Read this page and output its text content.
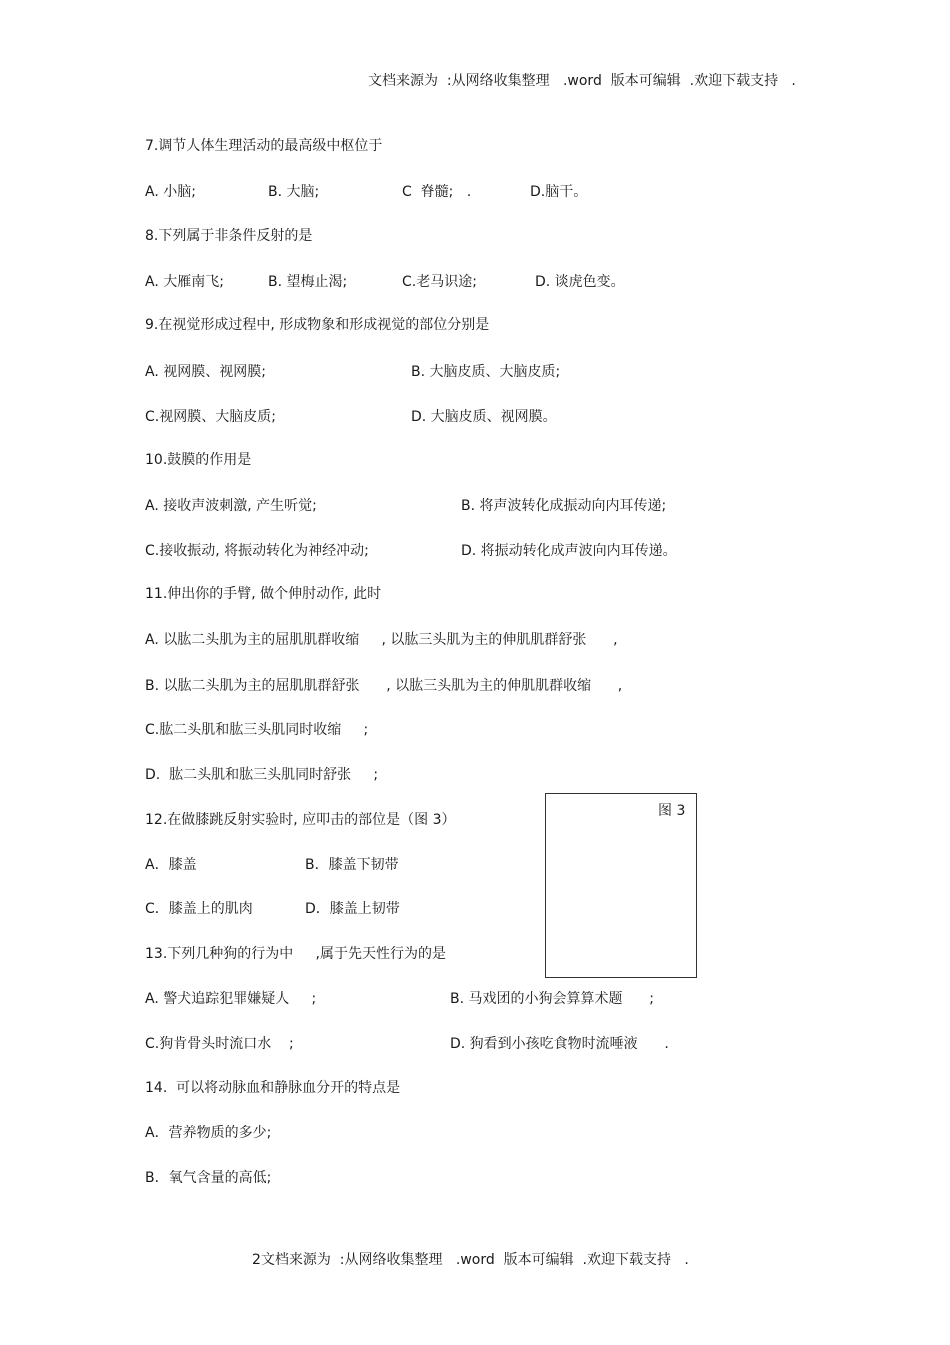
文档来源为  :从网络收集整理   .word  版本可编辑  .欢迎下载支持   .
7.调节人体生理活动的最高级中枢位于
A. 小脑;	B. 大脑;	C  脊髓;   .	D.脑干。
8.下列属于非条件反射的是
A. 大雁南飞;	B. 望梅止渴;	C.老马识途;	D. 谈虎色变。
9.在视觉形成过程中, 形成物象和形成视觉的部位分别是
A. 视网膜、视网膜;	B. 大脑皮质、大脑皮质;
C.视网膜、大脑皮质;	D. 大脑皮质、视网膜。
10.鼓膜的作用是
A. 接收声波刺激, 产生听觉;	B. 将声波转化成振动向内耳传递;
C.接收振动, 将振动转化为神经冲动;	D. 将振动转化成声波向内耳传递。
11.伸出你的手臂, 做个伸肘动作, 此时
A. 以肱二头肌为主的屈肌肌群收缩     , 以肱三头肌为主的伸肌肌群舒张      ,
B. 以肱二头肌为主的屈肌肌群舒张      , 以肱三头肌为主的伸肌肌群收缩      ,
C.肱二头肌和肱三头肌同时收缩     ;
D.  肱二头肌和肱三头肌同时舒张     ;
图 3
12.在做膝跳反射实验时, 应叩击的部位是（图 3）
A．膝盖	B．膝盖下韧带
C．膝盖上的肌肉	D．膝盖上韧带
13.下列几种狗的行为中     ,属于先天性行为的是
A. 警犬追踪犯罪嫌疑人     ;	B. 马戏团的小狗会算算术题      ;
C.狗肯骨头时流口水    ;	D. 狗看到小孩吃食物时流唾液      .
14.  可以将动脉血和静脉血分开的特点是
A．营养物质的多少;
B．氧气含量的高低;
2文档来源为  :从网络收集整理   .word  版本可编辑  .欢迎下载支持   .
